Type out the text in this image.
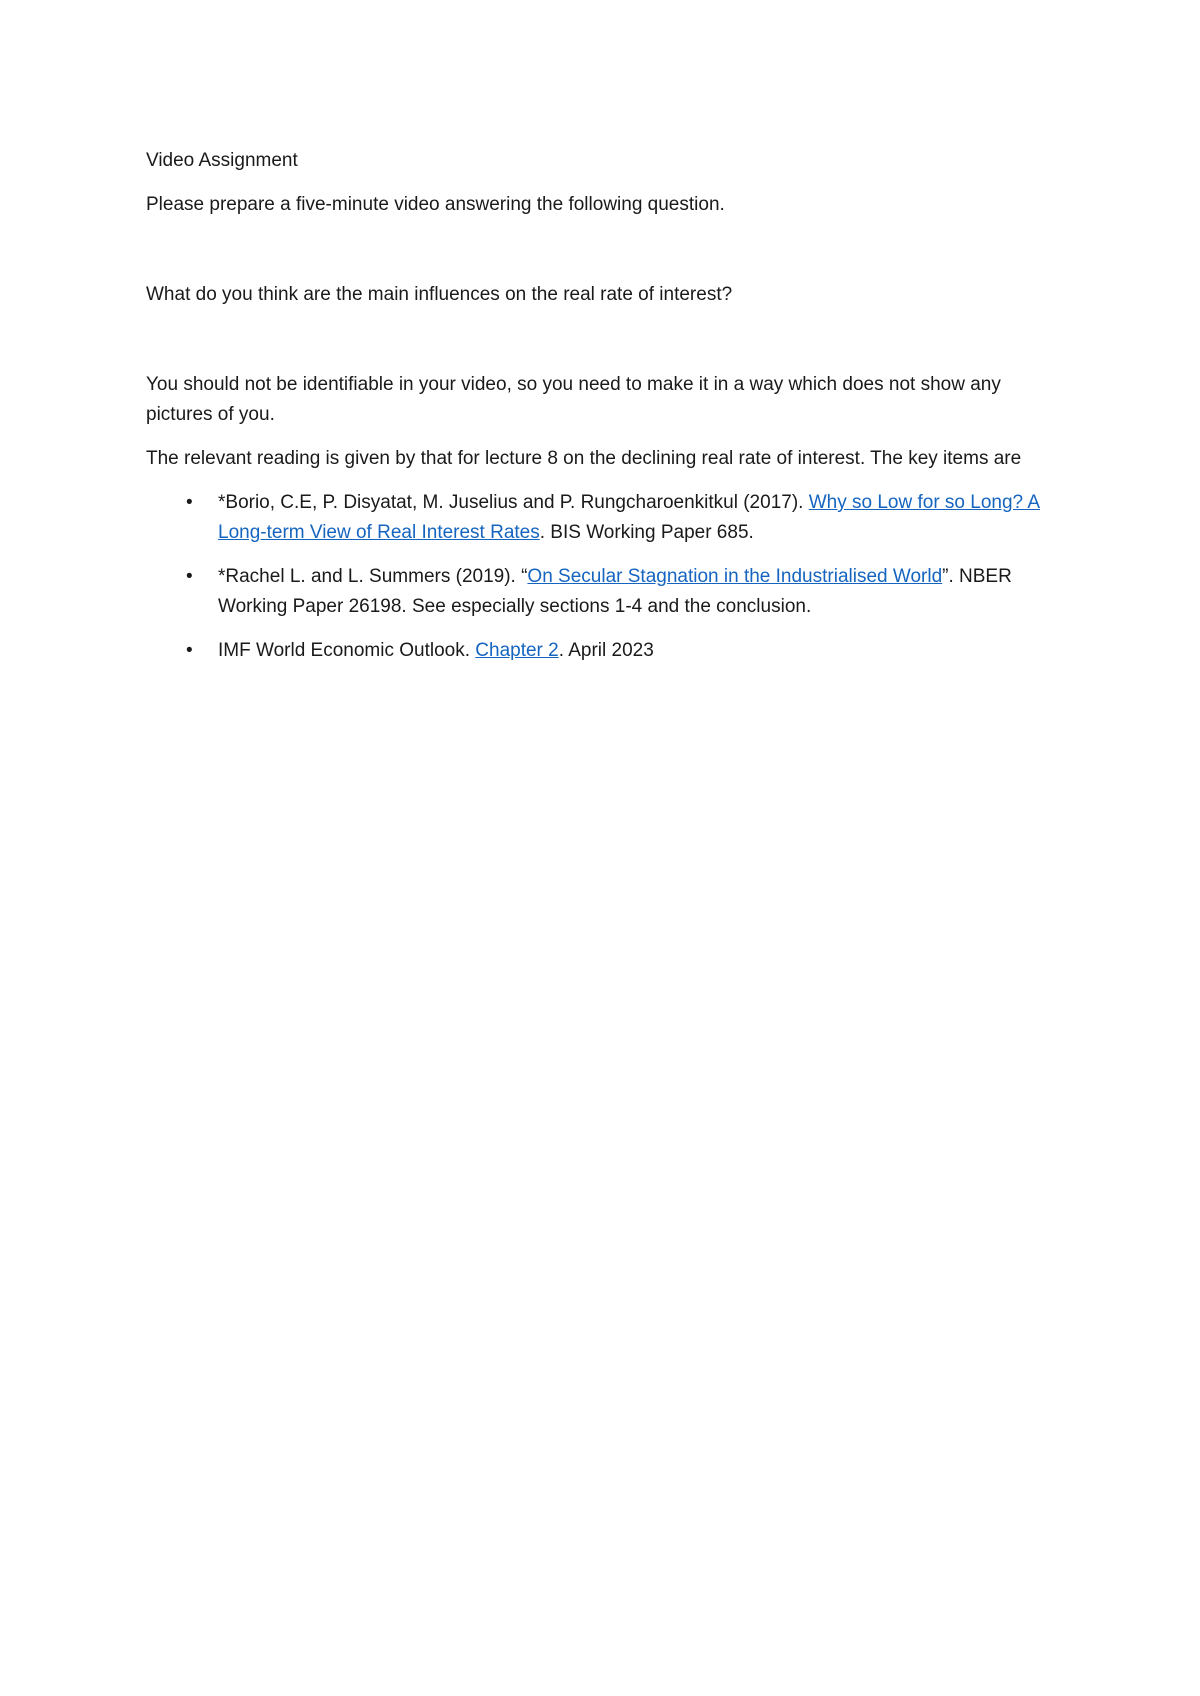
Video Assignment

Please prepare a five-minute video answering the following question.

What do you think are the main influences on the real rate of interest?

You should not be identifiable in your video, so you need to make it in a way which does not show any pictures of you.

The relevant reading is given by that for lecture 8 on the declining real rate of interest. The key items are

• *Borio, C.E, P. Disyatat, M. Juselius and P. Rungcharoenkitkul (2017). Why so Low for so Long? A Long-term View of Real Interest Rates. BIS Working Paper 685.
• *Rachel L. and L. Summers (2019). “On Secular Stagnation in the Industrialised World”. NBER Working Paper 26198. See especially sections 1-4 and the conclusion.
• IMF World Economic Outlook. Chapter 2. April 2023
